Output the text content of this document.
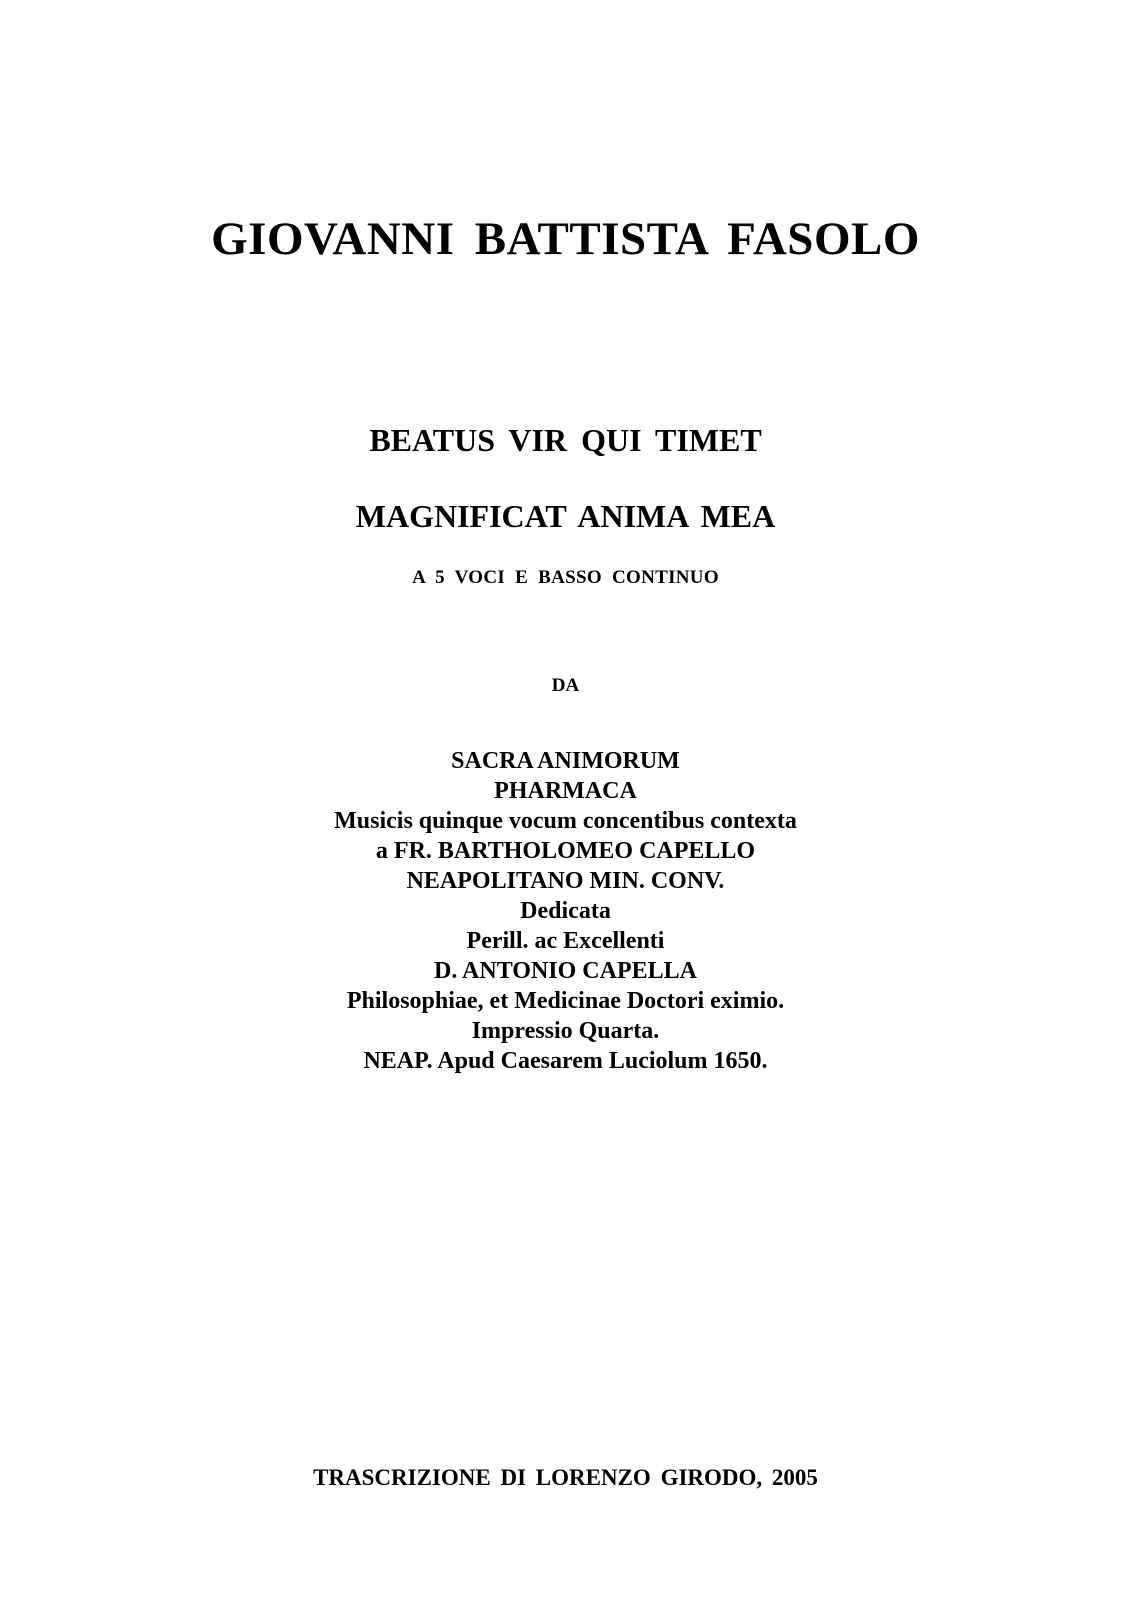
GIOVANNI BATTISTA FASOLO
BEATUS VIR QUI TIMET
MAGNIFICAT ANIMA MEA
A 5 VOCI E BASSO CONTINUO
DA
SACRA ANIMORUM
PHARMACA
Musicis quinque vocum concentibus contexta
a FR. BARTHOLOMEO CAPELLO
NEAPOLITANO MIN. CONV.
Dedicata
Perill. ac Excellenti
D. ANTONIO CAPELLA
Philosophiae, et Medicinae Doctori eximio.
Impressio Quarta.
NEAP. Apud Caesarem Luciolum 1650.
TRASCRIZIONE DI LORENZO GIRODO, 2005
